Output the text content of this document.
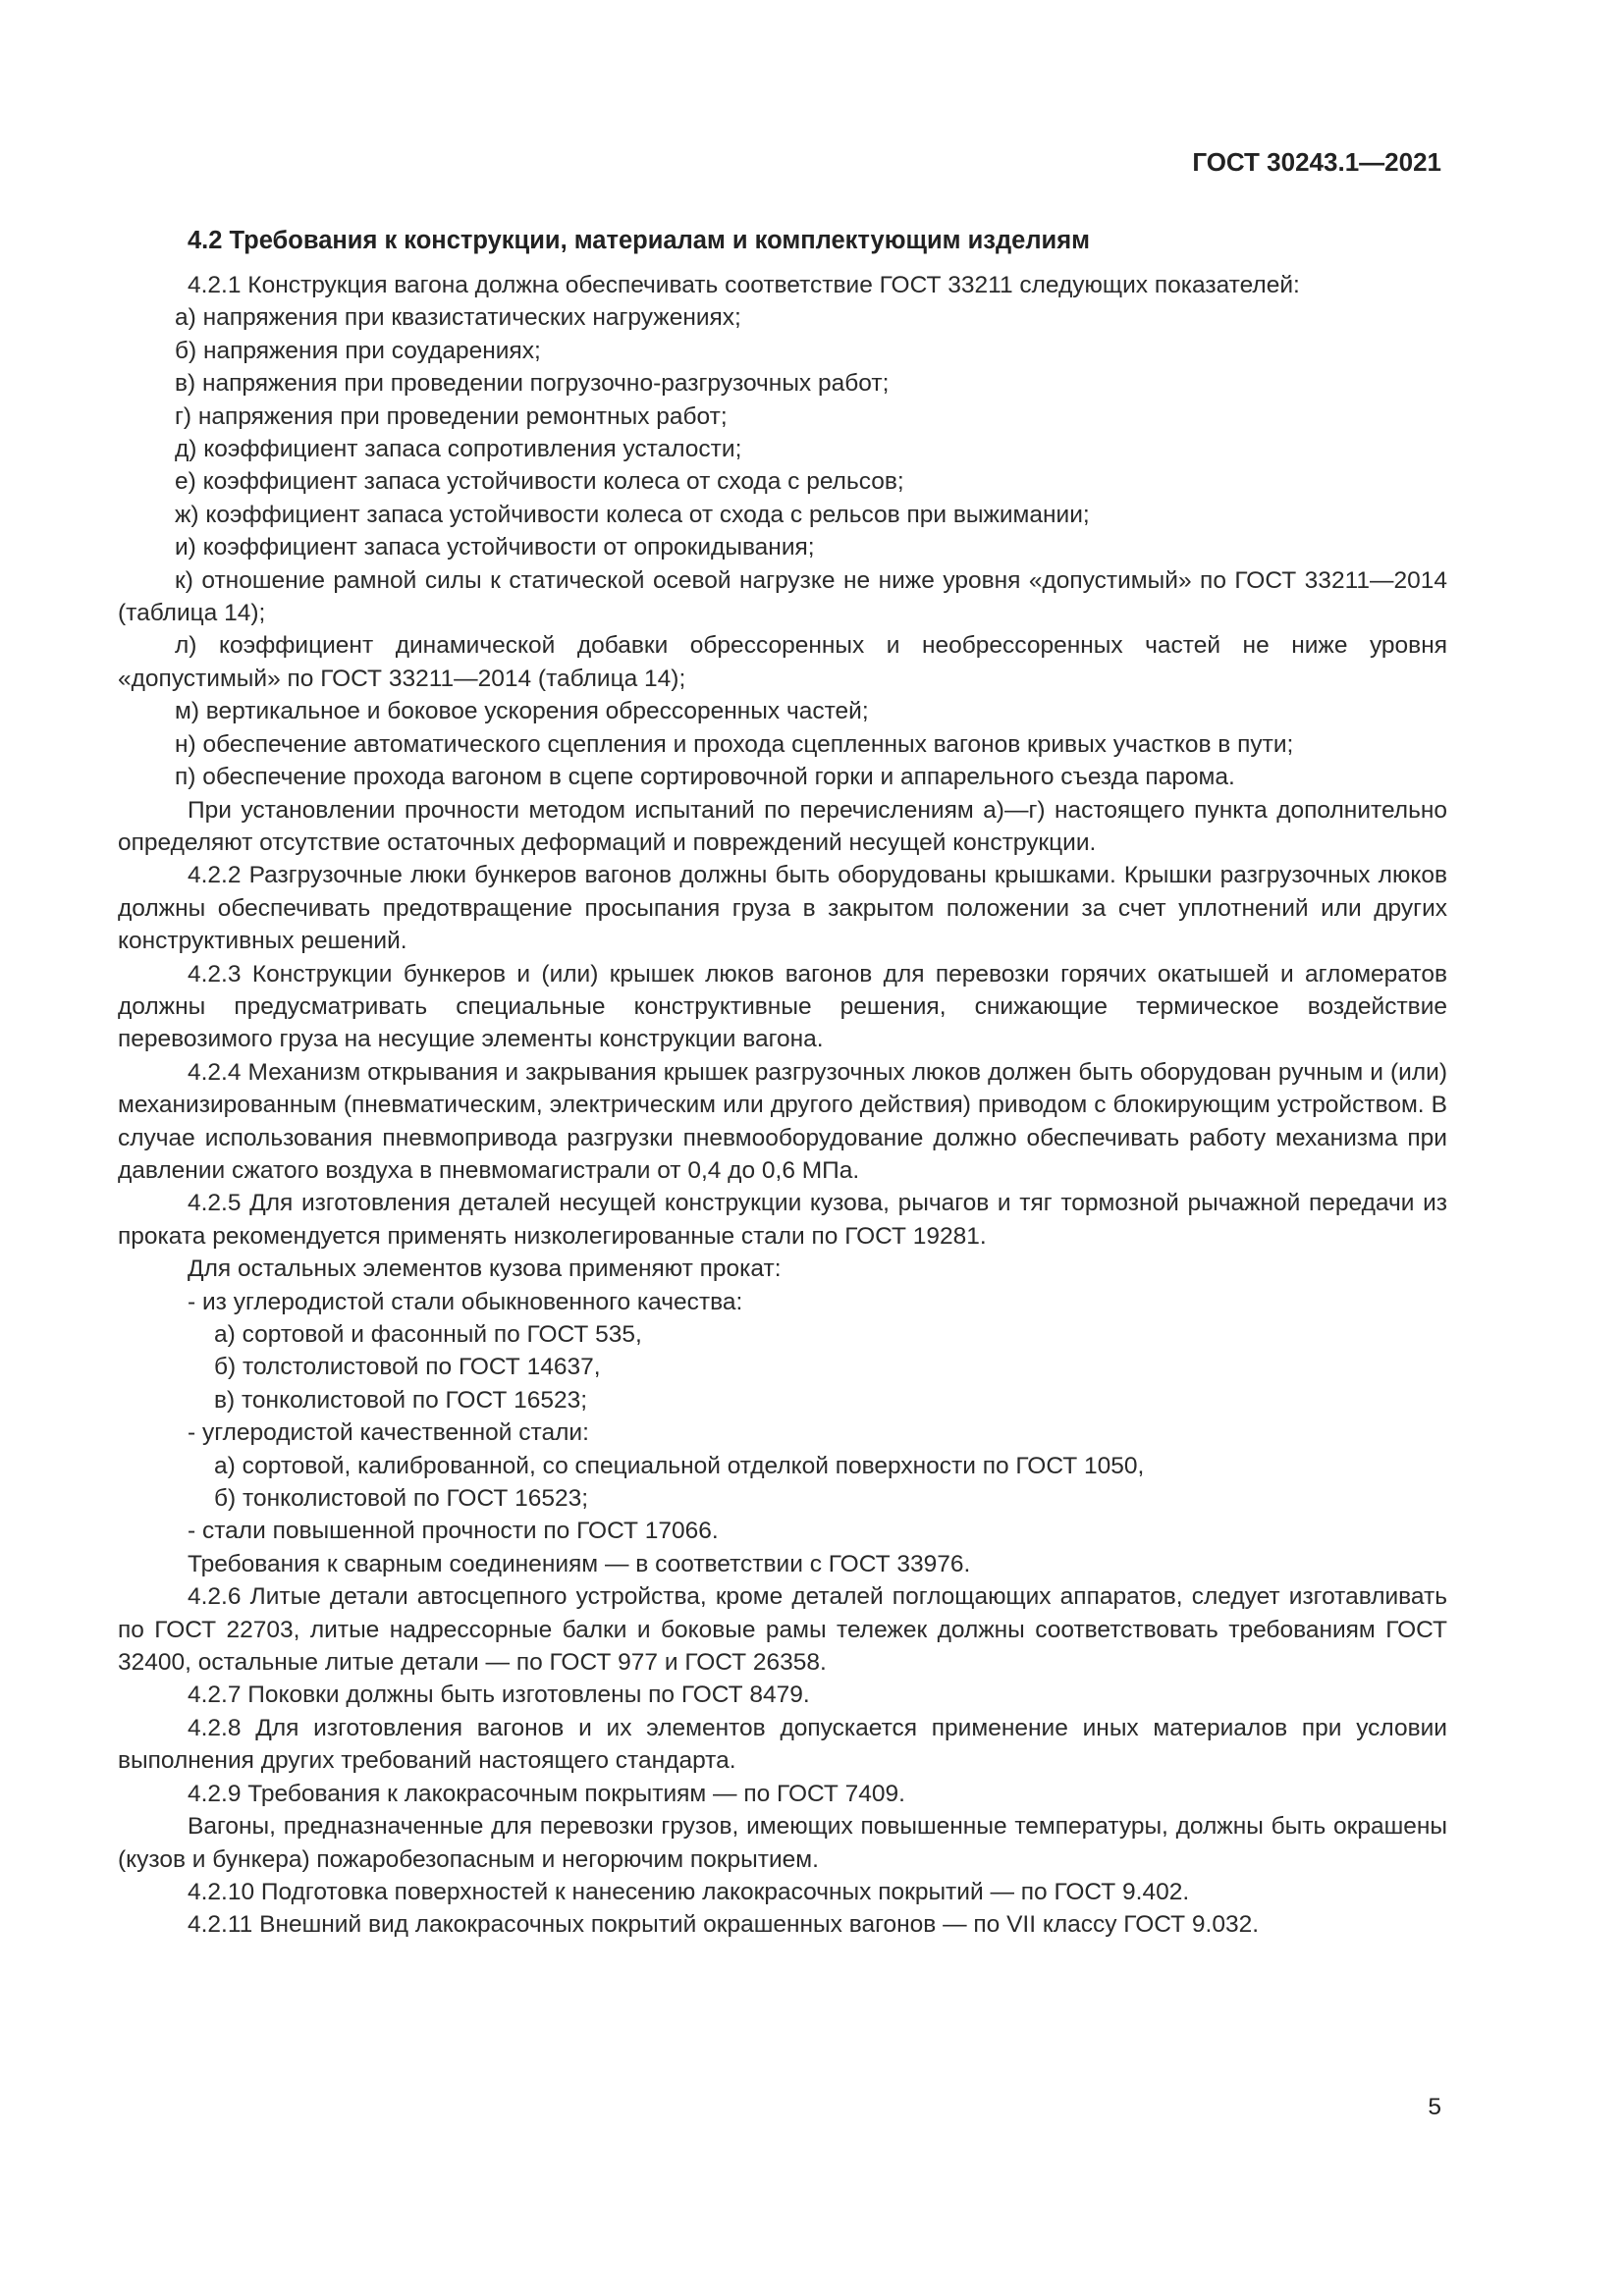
ГОСТ 30243.1—2021
4.2 Требования к конструкции, материалам и комплектующим изделиям

4.2.1 Конструкция вагона должна обеспечивать соответствие ГОСТ 33211 следующих показателей:

а) напряжения при квазистатических нагружениях;

б) напряжения при соударениях;

в) напряжения при проведении погрузочно-разгрузочных работ;

г) напряжения при проведении ремонтных работ;

д) коэффициент запаса сопротивления усталости;

е) коэффициент запаса устойчивости колеса от схода с рельсов;

ж) коэффициент запаса устойчивости колеса от схода с рельсов при выжимании;

и) коэффициент запаса устойчивости от опрокидывания;

к) отношение рамной силы к статической осевой нагрузке не ниже уровня «допустимый» по ГОСТ 33211—2014 (таблица 14);

л) коэффициент динамической добавки обрессоренных и необрессоренных частей не ниже уровня «допустимый» по ГОСТ 33211—2014 (таблица 14);

м) вертикальное и боковое ускорения обрессоренных частей;

н) обеспечение автоматического сцепления и прохода сцепленных вагонов кривых участков в пути;

п) обеспечение прохода вагоном в сцепе сортировочной горки и аппарельного съезда парома.

При установлении прочности методом испытаний по перечислениям а)—г) настоящего пункта дополнительно определяют отсутствие остаточных деформаций и повреждений несущей конструкции.

4.2.2 Разгрузочные люки бункеров вагонов должны быть оборудованы крышками. Крышки разгрузочных люков должны обеспечивать предотвращение просыпания груза в закрытом положении за счет уплотнений или других конструктивных решений.

4.2.3 Конструкции бункеров и (или) крышек люков вагонов для перевозки горячих окатышей и агломератов должны предусматривать специальные конструктивные решения, снижающие термическое воздействие перевозимого груза на несущие элементы конструкции вагона.

4.2.4 Механизм открывания и закрывания крышек разгрузочных люков должен быть оборудован ручным и (или) механизированным (пневматическим, электрическим или другого действия) приводом с блокирующим устройством. В случае использования пневмопривода разгрузки пневмооборудование должно обеспечивать работу механизма при давлении сжатого воздуха в пневмомагистрали от 0,4 до 0,6 МПа.

4.2.5 Для изготовления деталей несущей конструкции кузова, рычагов и тяг тормозной рычажной передачи из проката рекомендуется применять низколегированные стали по ГОСТ 19281.

Для остальных элементов кузова применяют прокат:

- из углеродистой стали обыкновенного качества:

а) сортовой и фасонный по ГОСТ 535,

б) толстолистовой по ГОСТ 14637,

в) тонколистовой по ГОСТ 16523;

- углеродистой качественной стали:

а) сортовой, калиброванной, со специальной отделкой поверхности по ГОСТ 1050,

б) тонколистовой по ГОСТ 16523;

- стали повышенной прочности по ГОСТ 17066.

Требования к сварным соединениям — в соответствии с ГОСТ 33976.

4.2.6 Литые детали автосцепного устройства, кроме деталей поглощающих аппаратов, следует изготавливать по ГОСТ 22703, литые надрессорные балки и боковые рамы тележек должны соответствовать требованиям ГОСТ 32400, остальные литые детали — по ГОСТ 977 и ГОСТ 26358.

4.2.7 Поковки должны быть изготовлены по ГОСТ 8479.

4.2.8 Для изготовления вагонов и их элементов допускается применение иных материалов при условии выполнения других требований настоящего стандарта.

4.2.9 Требования к лакокрасочным покрытиям — по ГОСТ 7409.

Вагоны, предназначенные для перевозки грузов, имеющих повышенные температуры, должны быть окрашены (кузов и бункера) пожаробезопасным и негорючим покрытием.

4.2.10 Подготовка поверхностей к нанесению лакокрасочных покрытий — по ГОСТ 9.402.

4.2.11 Внешний вид лакокрасочных покрытий окрашенных вагонов — по VII классу ГОСТ 9.032.

5
